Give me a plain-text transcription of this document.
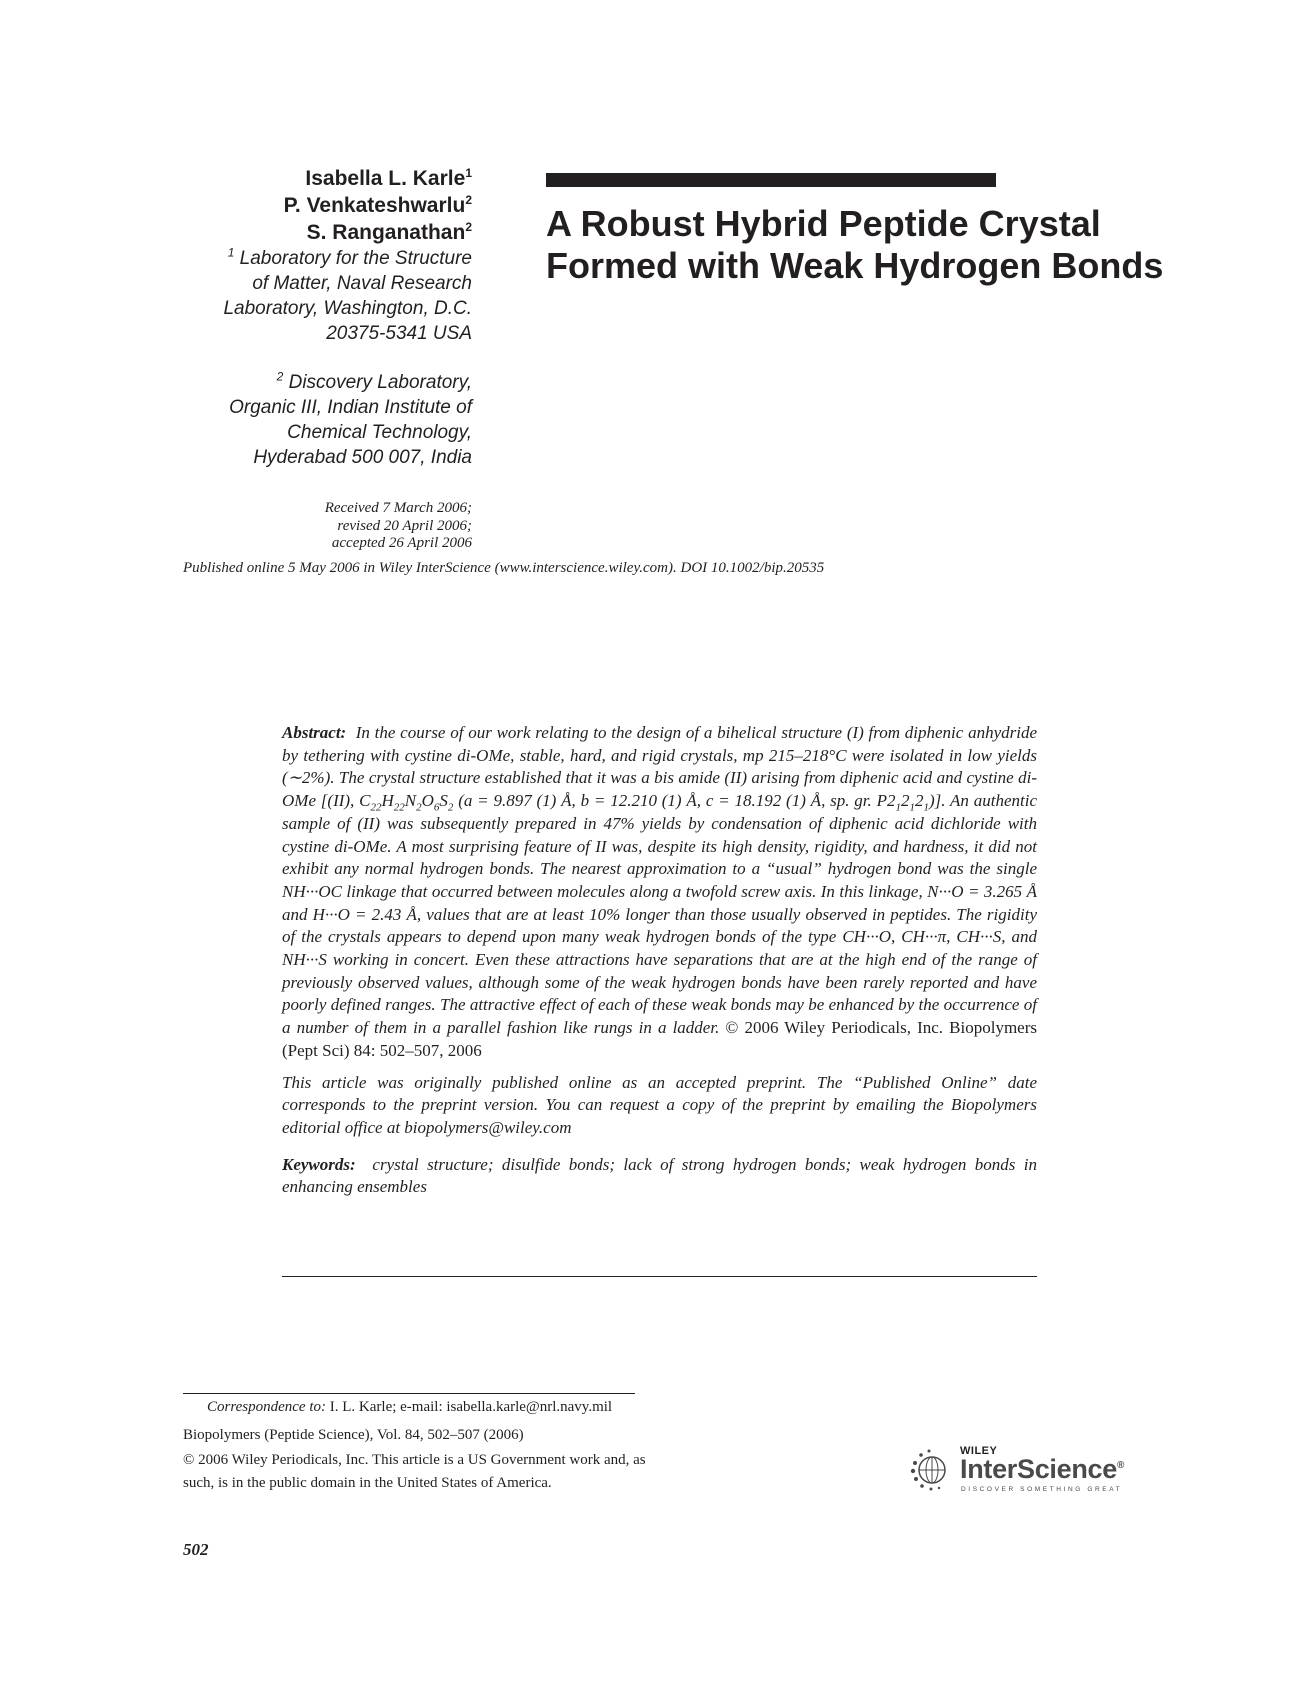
Isabella L. Karle$^1$
P. Venkateshwarlu$^2$
S. Ranganathan$^2$

$^1$ Laboratory for the Structure

of Matter, Naval Research

Laboratory, Washington, D.C.

20375-5341 USA

$^2$ Discovery Laboratory,

Organic III, Indian Institute of

Chemical Technology,

Hyderabad 500 007, India

A Robust Hybrid Peptide Crystal Formed with Weak Hydrogen Bonds
Received 7 March 2006;
revised 20 April 2006;
accepted 26 April 2006
Published online 5 May 2006 in Wiley InterScience (www.interscience.wiley.com). DOI 10.1002/bip.20535

Abstract: In the course of our work relating to the design of a bihelical structure (I) from diphenic anhydride by tethering with cystine di-OMe, stable, hard, and rigid crystals, mp 215–218°C were isolated in low yields (∼2%). The crystal structure established that it was a bis amide (II) arising from diphenic acid and cystine di-OMe [(II), $C_{22}H_{22}N_2O_6S_2$ (a = 9.897 (1) Å, b = 12.210 (1) Å, c = 18.192 (1) Å, sp. gr. $P2_12_12_1$)]. An authentic sample of (II) was subsequently prepared in 47% yields by condensation of diphenic acid dichloride with cystine di-OMe. A most surprising feature of II was, despite its high density, rigidity, and hardness, it did not exhibit any normal hydrogen bonds. The nearest approximation to a “usual” hydrogen bond was the single NH···OC linkage that occurred between molecules along a twofold screw axis. In this linkage, N···O = 3.265 Å and H···O = 2.43 Å, values that are at least 10% longer than those usually observed in peptides. The rigidity of the crystals appears to depend upon many weak hydrogen bonds of the type CH···O, CH···π, CH···S, and NH···S working in concert. Even these attractions have separations that are at the high end of the range of previously observed values, although some of the weak hydrogen bonds have been rarely reported and have poorly defined ranges. The attractive effect of each of these weak bonds may be enhanced by the occurrence of a number of them in a parallel fashion like rungs in a ladder. © 2006 Wiley Periodicals, Inc. Biopolymers (Pept Sci) 84: 502–507, 2006

This article was originally published online as an accepted preprint. The “Published Online” date corresponds to the preprint version. You can request a copy of the preprint by emailing the Biopolymers editorial office at biopolymers@wiley.com

Keywords: crystal structure; disulfide bonds; lack of strong hydrogen bonds; weak hydrogen bonds in enhancing ensembles

Correspondence to: I. L. Karle; e-mail: isabella.karle@nrl.navy.mil

Biopolymers (Peptide Science), Vol. 84, 502–507 (2006)

© 2006 Wiley Periodicals, Inc. This article is a US Government work and, as such, is in the public domain in the United States of America.

WILEY
InterScience®
DISCOVER SOMETHING GREAT
502
